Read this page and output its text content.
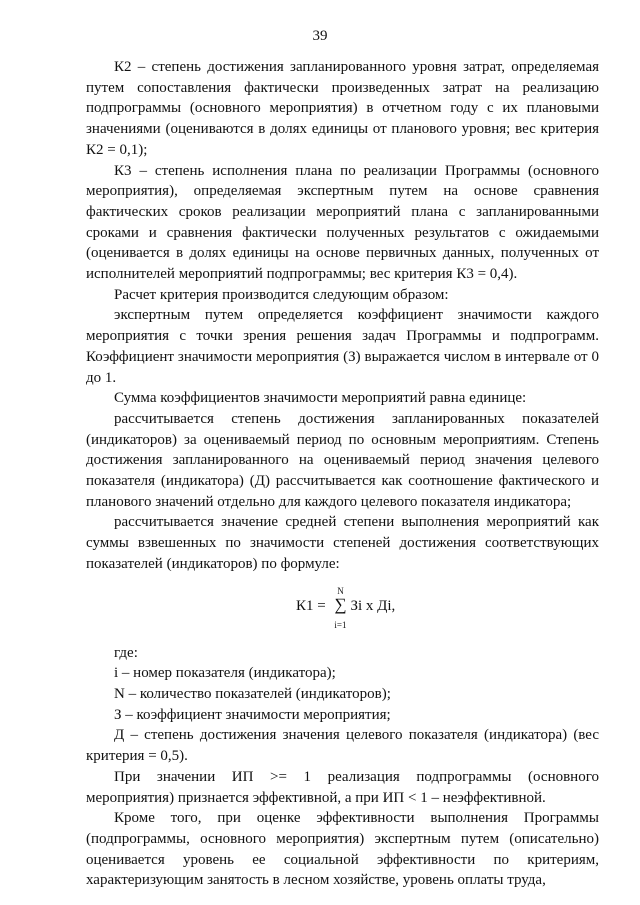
39

К2 – степень достижения запланированного уровня затрат, определяемая путем сопоставления фактически произведенных затрат на реализацию подпрограммы (основного мероприятия) в отчетном году с их плановыми значениями (оцениваются в долях единицы от планового уровня; вес критерия К2 = 0,1);

К3 – степень исполнения плана по реализации Программы (основного мероприятия), определяемая экспертным путем на основе сравнения фактических сроков реализации мероприятий плана с запланированными сроками и сравнения фактически полученных результатов с ожидаемыми (оценивается в долях единицы на основе первичных данных, полученных от исполнителей мероприятий подпрограммы; вес критерия К3 = 0,4).

Расчет критерия производится следующим образом:

экспертным путем определяется коэффициент значимости каждого мероприятия с точки зрения решения задач Программы и подпрограмм. Коэффициент значимости мероприятия (З) выражается числом в интервале от 0 до 1.

Сумма коэффициентов значимости мероприятий равна единице:

рассчитывается степень достижения запланированных показателей (индикаторов) за оцениваемый период по основным мероприятиям. Степень достижения запланированного на оцениваемый период значения целевого показателя (индикатора) (Д) рассчитывается как соотношение фактического и планового значений отдельно для каждого целевого показателя индикатора;

рассчитывается значение средней степени выполнения мероприятий как суммы взвешенных по значимости степеней достижения соответствующих показателей (индикаторов) по формуле:

К1 =
N
∑
i=1
Зi х Дi,

где:

i – номер показателя (индикатора);

N – количество показателей (индикаторов);

З – коэффициент значимости мероприятия;

Д – степень достижения значения целевого показателя (индикатора) (вес критерия = 0,5).

При значении ИП >= 1 реализация подпрограммы (основного мероприятия) признается эффективной, а при ИП < 1 – неэффективной.

Кроме того, при оценке эффективности выполнения Программы (подпрограммы, основного мероприятия) экспертным путем (описательно) оценивается уровень ее социальной эффективности по критериям, характеризующим занятость в лесном хозяйстве, уровень оплаты труда,
